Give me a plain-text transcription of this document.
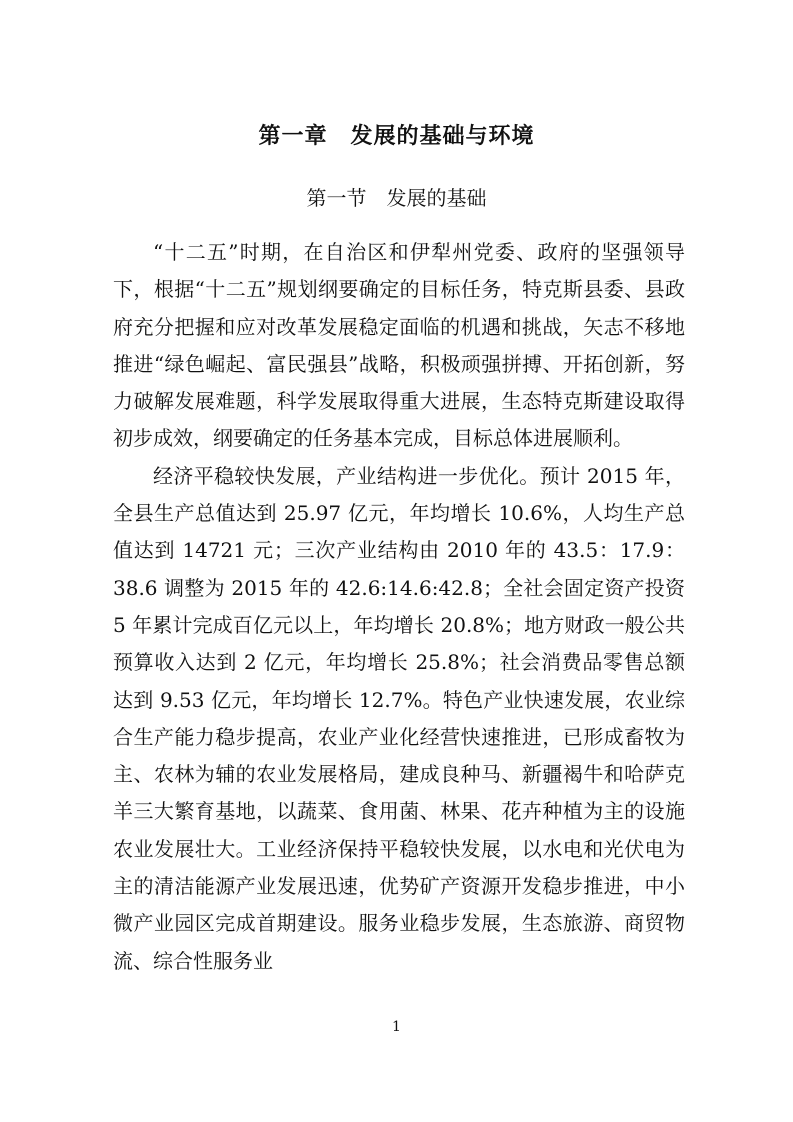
第一章　发展的基础与环境
第一节　发展的基础

“十二五”时期，在自治区和伊犁州党委、政府的坚强领导下，根据“十二五”规划纲要确定的目标任务，特克斯县委、县政府充分把握和应对改革发展稳定面临的机遇和挑战，矢志不移地推进“绿色崛起、富民强县”战略，积极顽强拼搏、开拓创新，努力破解发展难题，科学发展取得重大进展，生态特克斯建设取得初步成效，纲要确定的任务基本完成，目标总体进展顺利。

经济平稳较快发展，产业结构进一步优化。预计 2015 年，全县生产总值达到 25.97 亿元，年均增长 10.6%，人均生产总值达到 14721 元；三次产业结构由 2010 年的 43.5：17.9：38.6 调整为 2015 年的 42.6:14.6:42.8；全社会固定资产投资 5 年累计完成百亿元以上，年均增长 20.8%；地方财政一般公共预算收入达到 2 亿元，年均增长 25.8%；社会消费品零售总额达到 9.53 亿元，年均增长 12.7%。特色产业快速发展，农业综合生产能力稳步提高，农业产业化经营快速推进，已形成畜牧为主、农林为辅的农业发展格局，建成良种马、新疆褐牛和哈萨克羊三大繁育基地，以蔬菜、食用菌、林果、花卉种植为主的设施农业发展壮大。工业经济保持平稳较快发展，以水电和光伏电为主的清洁能源产业发展迅速，优势矿产资源开发稳步推进，中小微产业园区完成首期建设。服务业稳步发展，生态旅游、商贸物流、综合性服务业

1
